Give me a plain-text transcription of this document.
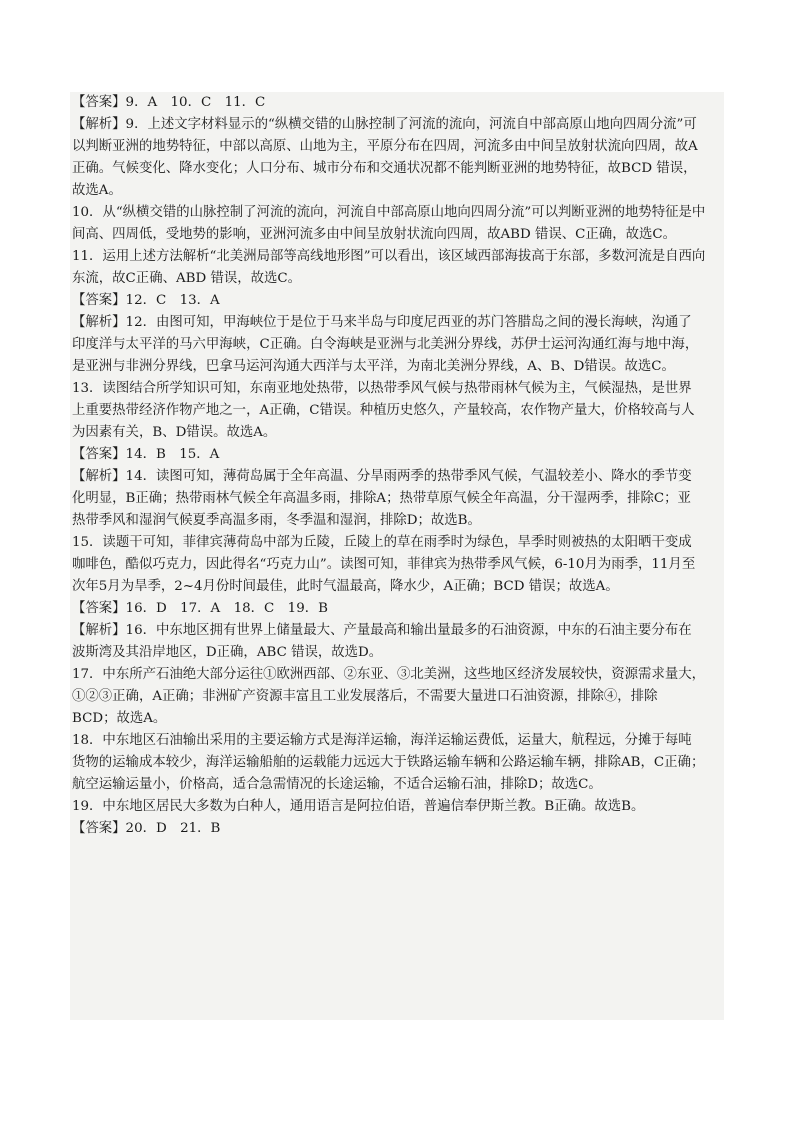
【答案】9．A　10．C　11．C
【解析】9．上述文字材料显示的“纵横交错的山脉控制了河流的流向，河流自中部高原山地向四周分流”可
以判断亚洲的地势特征，中部以高原、山地为主，平原分布在四周，河流多由中间呈放射状流向四周，故A
正确。气候变化、降水变化；人口分布、城市分布和交通状况都不能判断亚洲的地势特征，故BCD 错误，
故选A。
10．从“纵横交错的山脉控制了河流的流向，河流自中部高原山地向四周分流”可以判断亚洲的地势特征是中
间高、四周低，受地势的影响，亚洲河流多由中间呈放射状流向四周，故ABD 错误、C正确，故选C。
11．运用上述方法解析“北美洲局部等高线地形图”可以看出，该区域西部海拔高于东部，多数河流是自西向
东流，故C正确、ABD 错误，故选C。
【答案】12．C　13．A
【解析】12．由图可知，甲海峡位于是位于马来半岛与印度尼西亚的苏门答腊岛之间的漫长海峡，沟通了
印度洋与太平洋的马六甲海峡，C正确。白令海峡是亚洲与北美洲分界线，苏伊士运河沟通红海与地中海，
是亚洲与非洲分界线，巴拿马运河沟通大西洋与太平洋，为南北美洲分界线，A、B、D错误。故选C。
13．读图结合所学知识可知，东南亚地处热带，以热带季风气候与热带雨林气候为主，气候湿热，是世界
上重要热带经济作物产地之一，A正确，C错误。种植历史悠久，产量较高，农作物产量大，价格较高与人
为因素有关，B、D错误。故选A。
【答案】14．B　15．A
【解析】14．读图可知，薄荷岛属于全年高温、分旱雨两季的热带季风气候，气温较差小、降水的季节变
化明显，B正确；热带雨林气候全年高温多雨，排除A；热带草原气候全年高温，分干湿两季，排除C；亚
热带季风和湿润气候夏季高温多雨，冬季温和湿润，排除D；故选B。
15．读题干可知，菲律宾薄荷岛中部为丘陵，丘陵上的草在雨季时为绿色，旱季时则被热的太阳晒干变成
咖啡色，酷似巧克力，因此得名“巧克力山”。读图可知，菲律宾为热带季风气候，6-10月为雨季，11月至
次年5月为旱季，2~4月份时间最佳，此时气温最高，降水少，A正确；BCD 错误；故选A。
【答案】16．D　17．A　18．C　19．B
【解析】16．中东地区拥有世界上储量最大、产量最高和输出量最多的石油资源，中东的石油主要分布在
波斯湾及其沿岸地区，D正确，ABC 错误，故选D。
17．中东所产石油绝大部分运往①欧洲西部、②东亚、③北美洲，这些地区经济发展较快，资源需求量大，
①②③正确，A正确；非洲矿产资源丰富且工业发展落后，不需要大量进口石油资源，排除④，排除
BCD；故选A。
18．中东地区石油输出采用的主要运输方式是海洋运输，海洋运输运费低，运量大，航程远，分摊于每吨
货物的运输成本较少，海洋运输船舶的运载能力远远大于铁路运输车辆和公路运输车辆，排除AB，C正确；
航空运输运量小，价格高，适合急需情况的长途运输，不适合运输石油，排除D；故选C。
19．中东地区居民大多数为白种人，通用语言是阿拉伯语，普遍信奉伊斯兰教。B正确。故选B。
【答案】20．D　21．B
